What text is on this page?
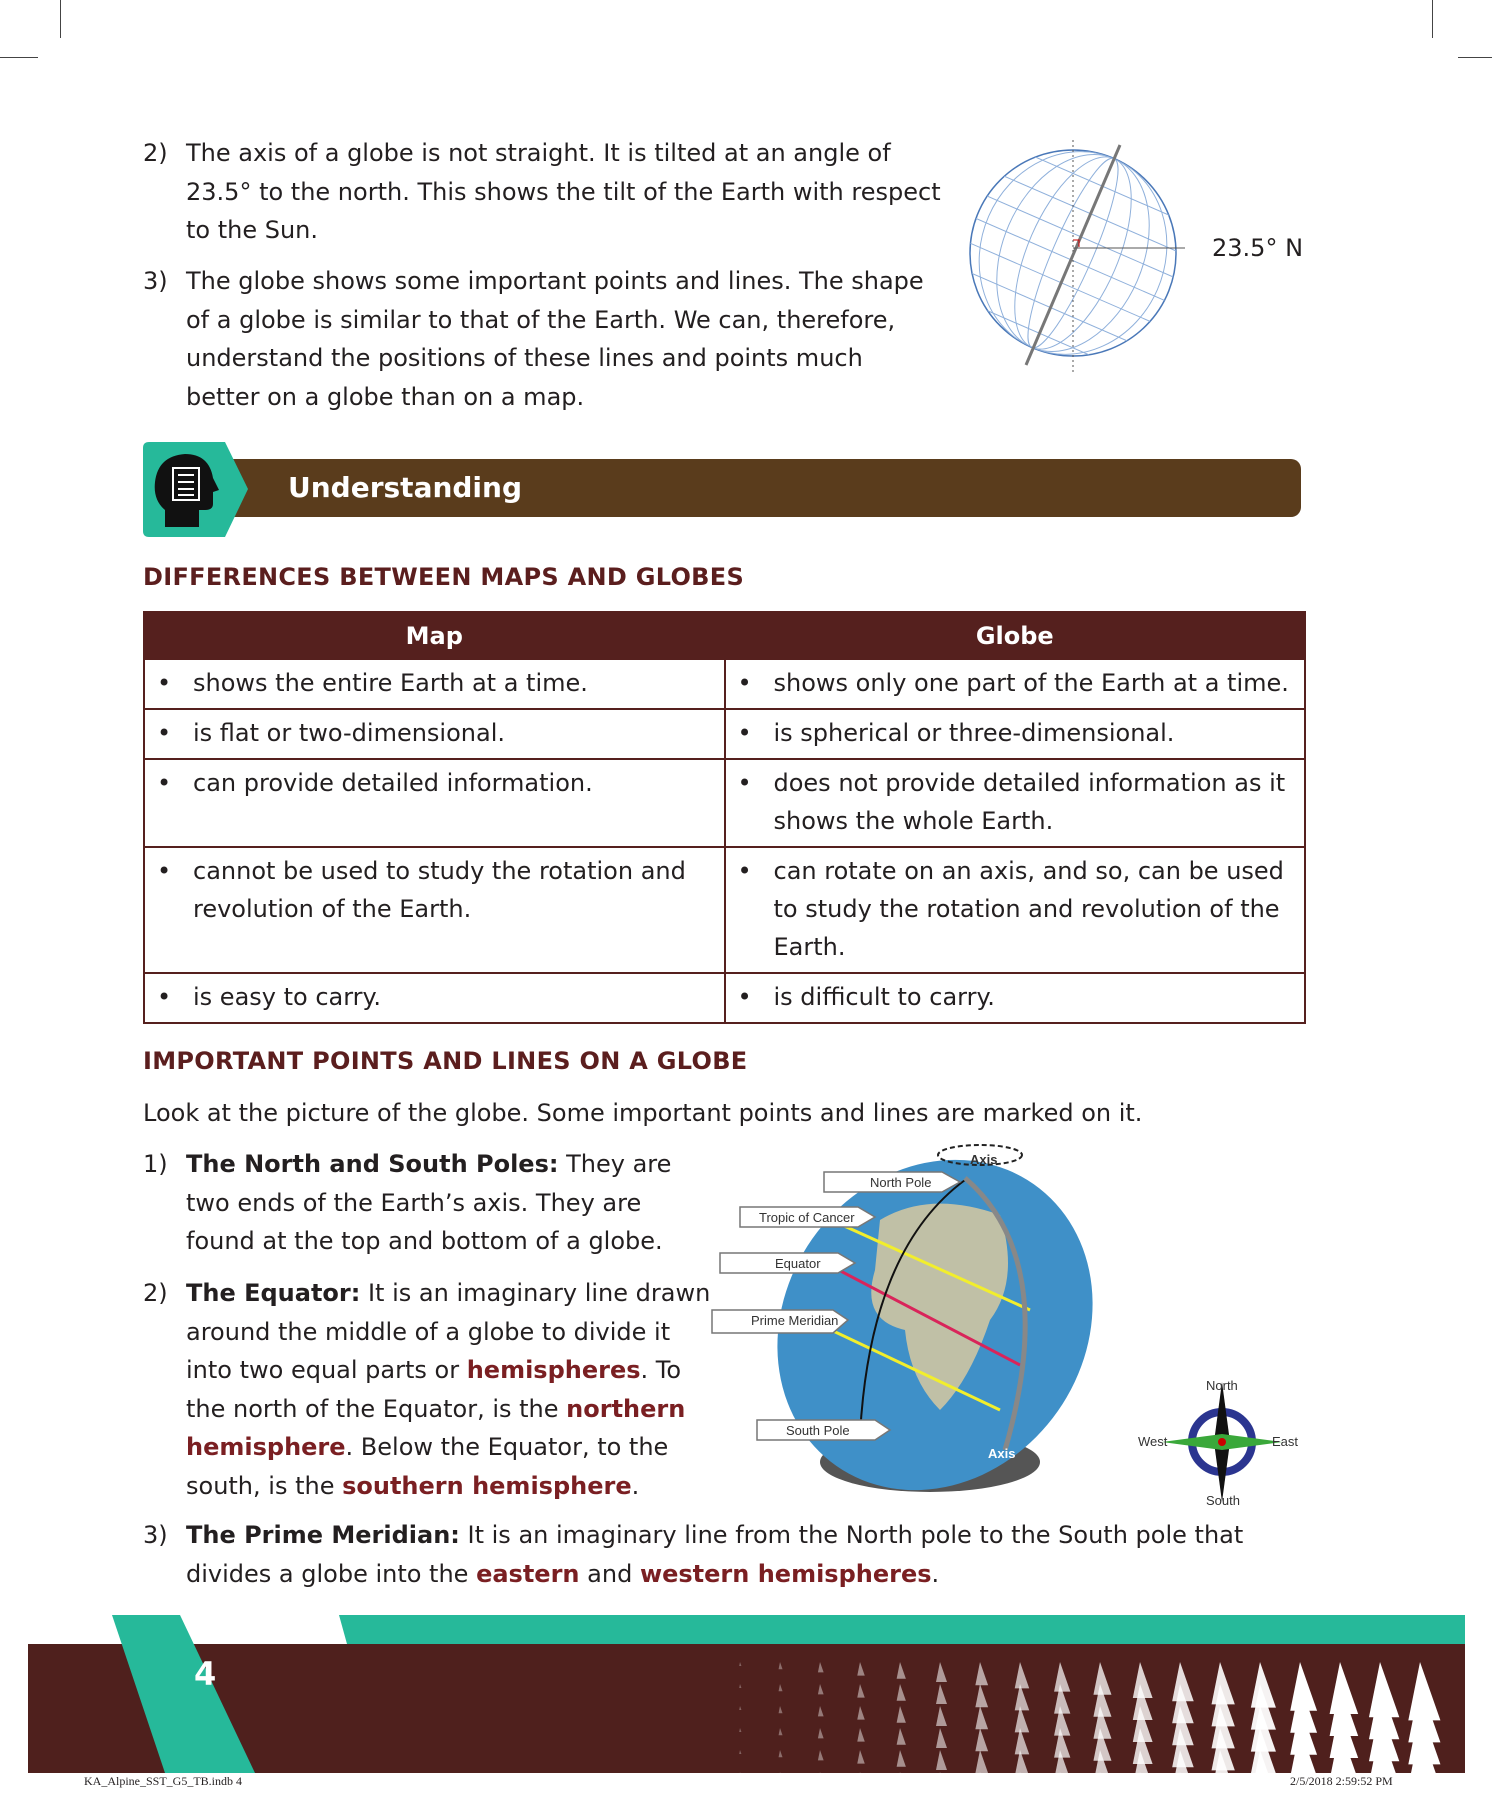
2) The axis of a globe is not straight. It is tilted at an angle of 23.5° to the north. This shows the tilt of the Earth with respect to the Sun.
3) The globe shows some important points and lines. The shape of a globe is similar to that of the Earth. We can, therefore, understand the positions of these lines and points much better on a globe than on a map.
23.5° N
Understanding
DIFFERENCES BETWEEN MAPS AND GLOBES
Map	Globe

• shows the entire Earth at a time.	• shows only one part of the Earth at a time.

• is flat or two-dimensional.	• is spherical or three-dimensional.

• can provide detailed information.	• does not provide detailed information as it shows the whole Earth.

• cannot be used to study the rotation and revolution of the Earth.	• can rotate on an axis, and so, can be used to study the rotation and revolution of the Earth.

• is easy to carry.	• is difficult to carry.
IMPORTANT POINTS AND LINES ON A GLOBE
Look at the picture of the globe. Some important points and lines are marked on it.
1) The North and South Poles: They are two ends of the Earth’s axis. They are found at the top and bottom of a globe.
2) The Equator: It is an imaginary line drawn around the middle of a globe to divide it into two equal parts or hemispheres. To the north of the Equator, is the northern hemisphere. Below the Equator, to the south, is the southern hemisphere.
3) The Prime Meridian: It is an imaginary line from the North pole to the South pole that divides a globe into the eastern and western hemispheres.
North Pole
Tropic of Cancer
Equator
Prime Meridian
South Pole
Axis
Axis
North
South
West	East
4
KA_Alpine_SST_G5_TB.indb 4	2/5/2018 2:59:52 PM
